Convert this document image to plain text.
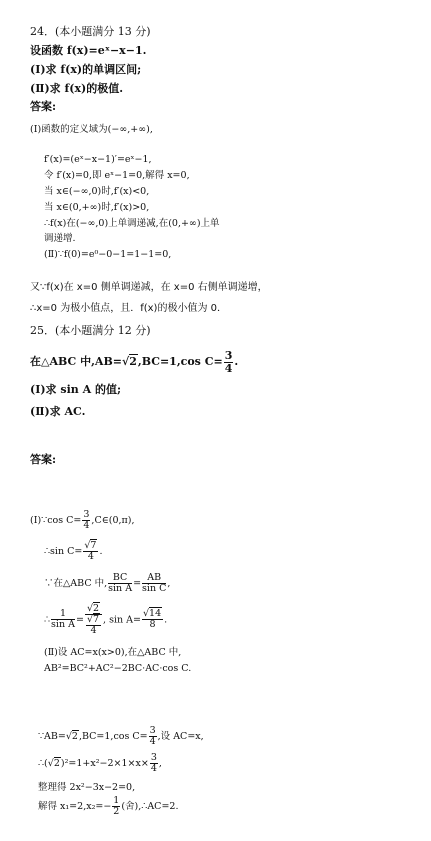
24．(本小题满分 13 分)
设函数 f(x)=eˣ−x−1.
(Ⅰ)求 f(x)的单调区间;
(Ⅱ)求 f(x)的极值.
答案:
(Ⅰ)函数的定义域为(−∞,+∞),
f′(x)=(eˣ−x−1)′=eˣ−1,
令 f′(x)=0,即 eˣ−1=0,解得 x=0,
当 x∈(−∞,0)时,f′(x)<0,
当 x∈(0,+∞)时,f′(x)>0,
∴f(x)在(−∞,0)上单调递减,在(0,+∞)上单
调递增.
(Ⅱ)∵f(0)=e⁰−0−1=1−1=0,
又∵f(x)在 x=0 侧单调递减，在 x=0 右侧单调递增，
∴x=0 为极小值点，且．f(x)的极小值为 0．
25．(本小题满分 12 分)
在△ABC 中,AB=√2,BC=1,cos $C= \frac{3}{4}$ .
(Ⅰ)求 sin A 的值;
(Ⅱ)求 AC.
答案:
(Ⅰ)∵cos $C= \frac{3}{4}$ ,C∈(0,π),
∴sin $C= \frac{√7}{4}$ .
∵在△ABC 中, $\frac{BC}{\text{sin A}} = \frac{AB}{\text{sin C}}$ ,
∴ $\frac{1}{\text{sin A}} = \frac{√2}{\frac{√7}{4}}$ , $\sin A= \frac{√14}{8}$ .
(Ⅱ)设 AC=x(x>0),在△ABC 中,
AB²=BC²+AC²−2BC·AC·cos C.
∵AB=√2,BC=1,cos $C= \frac{3}{4}$ ,设 AC=x,
∴(√2)²=1+x²−2×1×x× $\frac{3}{4}$ ,
整理得 2x²−3x−2=0,
解得 $x_1=2,x_2=- \frac{1}{2}$ (舍),∴AC=2.
